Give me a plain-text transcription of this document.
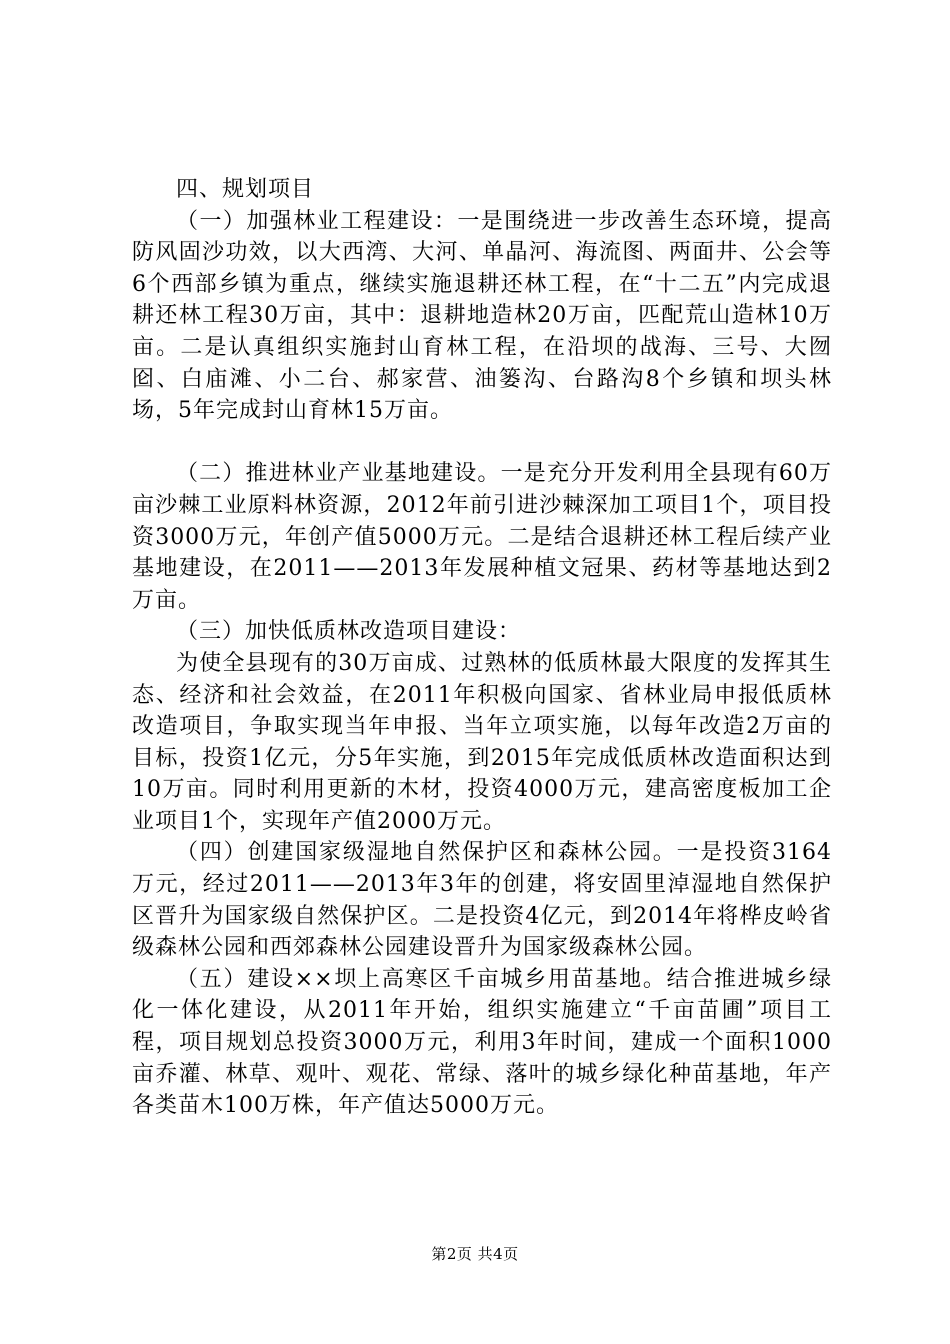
四、规划项目

（一）加强林业工程建设：一是围绕进一步改善生态环境，提高防风固沙功效，以大西湾、大河、单晶河、海流图、两面井、公会等6个西部乡镇为重点，继续实施退耕还林工程，在“十二五”内完成退耕还林工程30万亩，其中：退耕地造林20万亩，匹配荒山造林10万亩。二是认真组织实施封山育林工程，在沿坝的战海、三号、大囫囵、白庙滩、小二台、郝家营、油篓沟、台路沟8个乡镇和坝头林场，5年完成封山育林15万亩。

（二）推进林业产业基地建设。一是充分开发利用全县现有60万亩沙棘工业原料林资源，2012年前引进沙棘深加工项目1个，项目投资3000万元，年创产值5000万元。二是结合退耕还林工程后续产业基地建设，在2011——2013年发展种植文冠果、药材等基地达到2万亩。

（三）加快低质林改造项目建设：

为使全县现有的30万亩成、过熟林的低质林最大限度的发挥其生态、经济和社会效益，在2011年积极向国家、省林业局申报低质林改造项目，争取实现当年申报、当年立项实施，以每年改造2万亩的目标，投资1亿元，分5年实施，到2015年完成低质林改造面积达到10万亩。同时利用更新的木材，投资4000万元，建高密度板加工企业项目1个，实现年产值2000万元。

（四）创建国家级湿地自然保护区和森林公园。一是投资3164万元，经过2011——2013年3年的创建，将安固里淖湿地自然保护区晋升为国家级自然保护区。二是投资4亿元，到2014年将桦皮岭省级森林公园和西郊森林公园建设晋升为国家级森林公园。

（五）建设××坝上高寒区千亩城乡用苗基地。结合推进城乡绿化一体化建设，从2011年开始，组织实施建立“千亩苗圃”项目工程，项目规划总投资3000万元，利用3年时间，建成一个面积1000亩乔灌、林草、观叶、观花、常绿、落叶的城乡绿化种苗基地，年产各类苗木100万株，年产值达5000万元。

第2页 共4页
